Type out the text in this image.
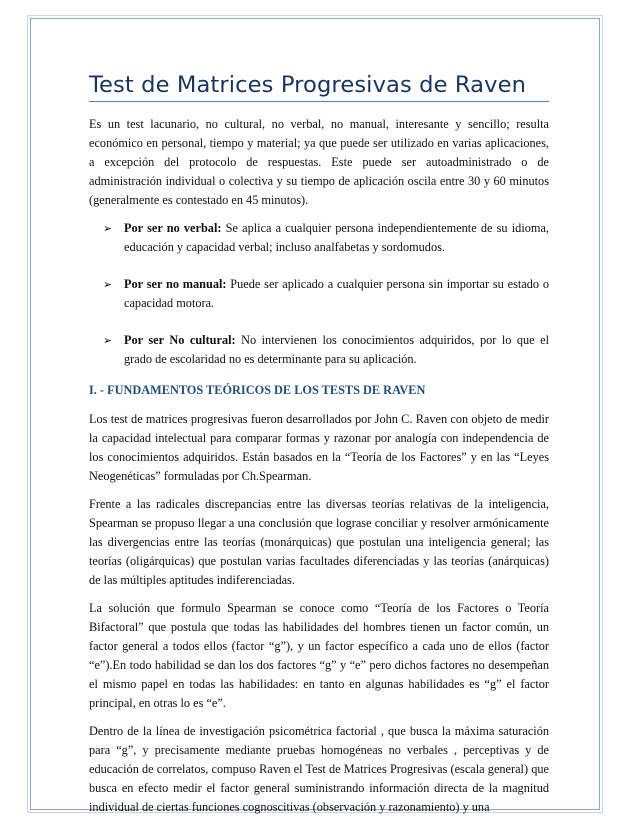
Test de Matrices Progresivas de Raven

Es un test lacunario, no cultural, no verbal, no manual, interesante y sencillo; resulta económico en personal, tiempo y material; ya que puede ser utilizado en varias aplicaciones, a excepción del protocolo de respuestas. Este puede ser autoadministrado o de administración individual o colectiva y su tiempo de aplicación oscila entre 30 y 60 minutos (generalmente es contestado en 45 minutos).

➢ Por ser no verbal: Se aplica a cualquier persona independientemente de su idioma, educación y capacidad verbal; incluso analfabetas y sordomudos.
➢ Por ser no manual: Puede ser aplicado a cualquier persona sin importar su estado o capacidad motora.
➢ Por ser No cultural: No intervienen los conocimientos adquiridos, por lo que el grado de escolaridad no es determinante para su aplicación.
I. - FUNDAMENTOS TEÓRICOS DE LOS TESTS DE RAVEN

Los test de matrices progresivas fueron desarrollados por John C. Raven con objeto de medir la capacidad intelectual para comparar formas y razonar por analogía con independencia de los conocimientos adquiridos. Están basados en la “Teoría de los Factores” y en las “Leyes Neogenéticas” formuladas por Ch.Spearman.

Frente a las radicales discrepancias entre las diversas teorías relativas de la inteligencia, Spearman se propuso llegar a una conclusión que lograse conciliar y resolver armónicamente las divergencias entre las teorías (monárquicas) que postulan una inteligencia general; las teorías (oligárquicas) que postulan varias facultades diferenciadas y las teorías (anárquicas) de las múltiples aptitudes indiferenciadas.

La solución que formulo Spearman se conoce como “Teoría de los Factores o Teoría Bifactoral” que postula que todas las habilidades del hombres tienen un factor común, un factor general a todos ellos (factor “g”), y un factor específico a cada uno de ellos (factor “e”).En todo habilidad se dan los dos factores “g” y “e” pero dichos factores no desempeñan el mismo papel en todas las habilidades: en tanto en algunas habilidades es “g” el factor principal, en otras lo es “e”.

Dentro de la línea de investigación psicométrica factorial , que busca la máxima saturación para “g”, y precisamente mediante pruebas homogéneas no verbales , perceptivas y de educación de correlatos, compuso Raven el Test de Matrices Progresivas (escala general) que busca en efecto medir el factor general suministrando información directa de la magnitud individual de ciertas funciones cognoscitivas (observación y razonamiento) y una
